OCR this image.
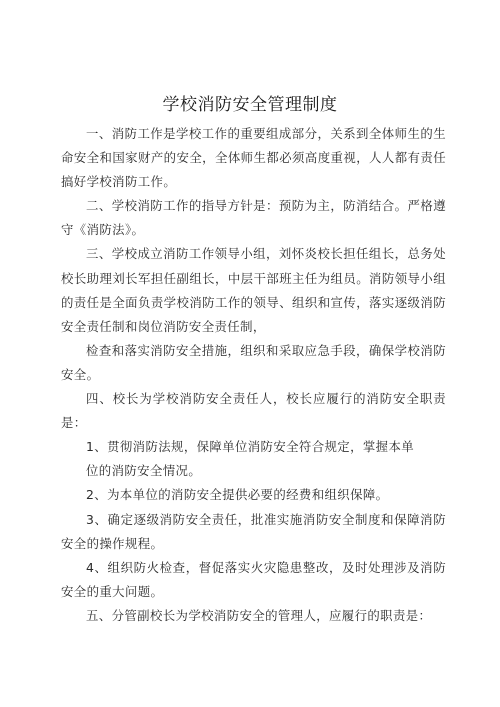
学校消防安全管理制度

一、消防工作是学校工作的重要组成部分，关系到全体师生的生命安全和国家财产的安全，全体师生都必须高度重视，人人都有责任搞好学校消防工作。

二、学校消防工作的指导方针是：预防为主，防消结合。严格遵守《消防法》。

三、学校成立消防工作领导小组，刘怀炎校长担任组长，总务处校长助理刘长军担任副组长，中层干部班主任为组员。消防领导小组的责任是全面负责学校消防工作的领导、组织和宣传，落实逐级消防安全责任制和岗位消防安全责任制，

检查和落实消防安全措施，组织和采取应急手段，确保学校消防安全。

四、校长为学校消防安全责任人，校长应履行的消防安全职责是：

1、贯彻消防法规，保障单位消防安全符合规定，掌握本单

位的消防安全情况。

2、为本单位的消防安全提供必要的经费和组织保障。

3、确定逐级消防安全责任，批准实施消防安全制度和保障消防安全的操作规程。

4、组织防火检查，督促落实火灾隐患整改，及时处理涉及消防安全的重大问题。

五、分管副校长为学校消防安全的管理人，应履行的职责是：
